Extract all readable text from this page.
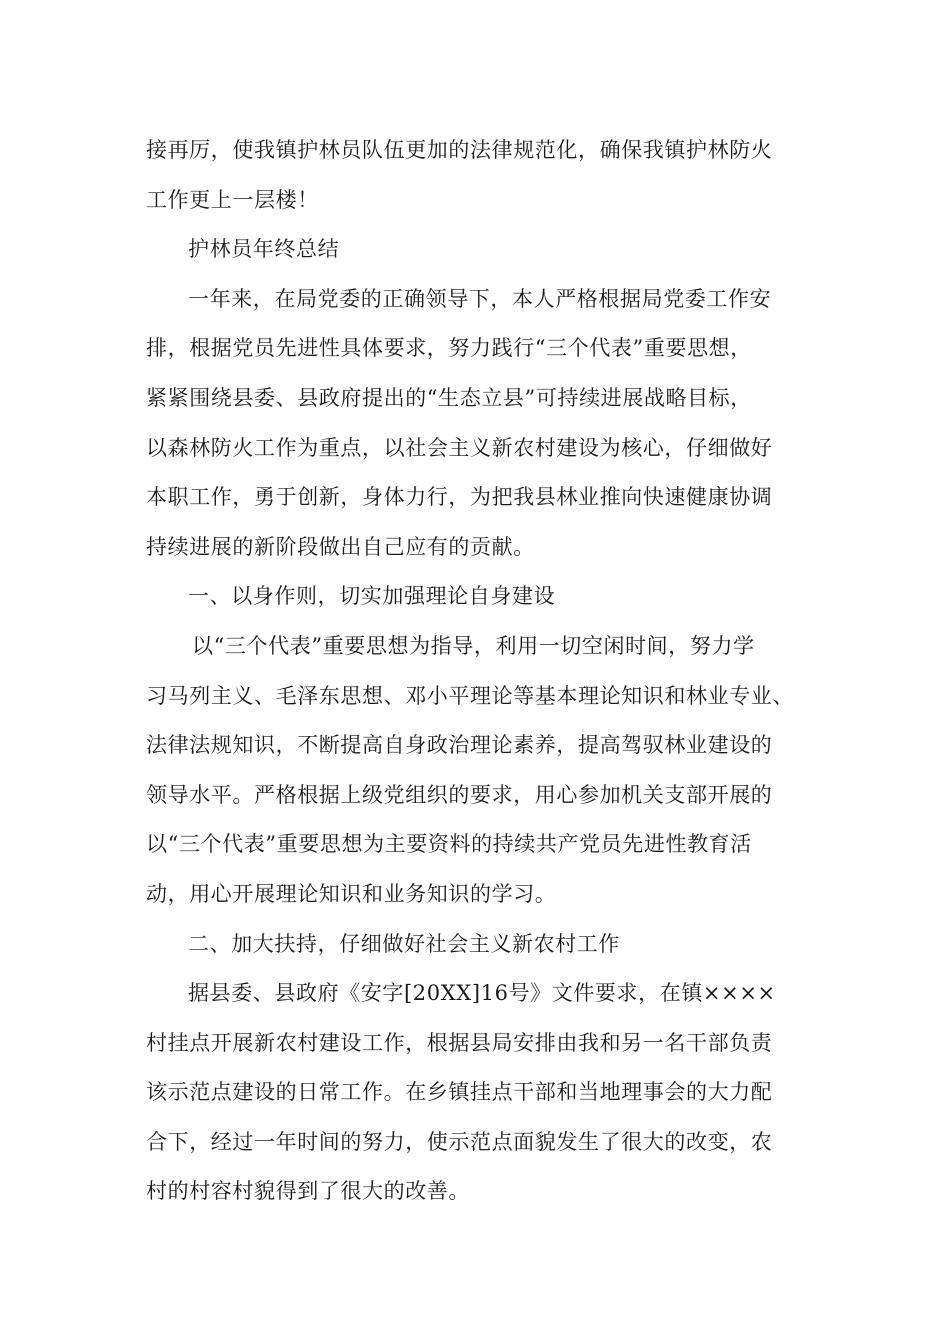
接再厉，使我镇护林员队伍更加的法律规范化，确保我镇护林防火
工作更上一层楼！
护林员年终总结
一年来，在局党委的正确领导下，本人严格根据局党委工作安
排，根据党员先进性具体要求，努力践行“三个代表”重要思想，
紧紧围绕县委、县政府提出的“生态立县”可持续进展战略目标，
以森林防火工作为重点，以社会主义新农村建设为核心，仔细做好
本职工作，勇于创新，身体力行，为把我县林业推向快速健康协调
持续进展的新阶段做出自己应有的贡献。
一、以身作则，切实加强理论自身建设
以“三个代表”重要思想为指导，利用一切空闲时间，努力学
习马列主义、毛泽东思想、邓小平理论等基本理论知识和林业专业、
法律法规知识，不断提高自身政治理论素养，提高驾驭林业建设的
领导水平。严格根据上级党组织的要求，用心参加机关支部开展的
以“三个代表”重要思想为主要资料的持续共产党员先进性教育活
动，用心开展理论知识和业务知识的学习。
二、加大扶持，仔细做好社会主义新农村工作
据县委、县政府《安字[20XX]16号》文件要求，在镇××××
村挂点开展新农村建设工作，根据县局安排由我和另一名干部负责
该示范点建设的日常工作。在乡镇挂点干部和当地理事会的大力配
合下，经过一年时间的努力，使示范点面貌发生了很大的改变，农
村的村容村貌得到了很大的改善。
